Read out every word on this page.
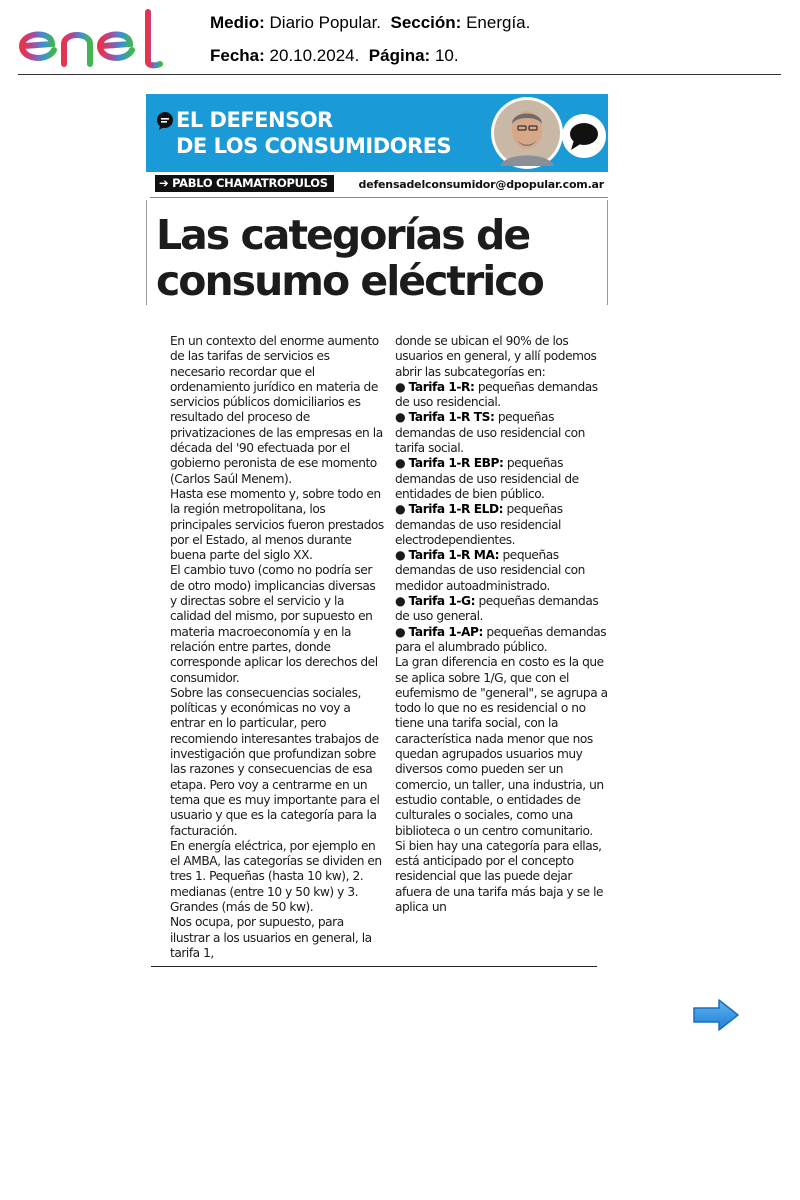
Medio: Diario Popular. Sección: Energía.
Fecha: 20.10.2024. Página: 10.
EL DEFENSOR
DE LOS CONSUMIDORES
➔ PABLO CHAMATROPULOS	defensadelconsumidor@dpopular.com.ar
Las categorías de
consumo eléctrico

En un contexto del enorme aumento de las tarifas de servicios es necesario recordar que el ordenamiento jurídico en materia de servicios públicos domiciliarios es resultado del proceso de privatizaciones de las empresas en la década del '90 efectuada por el gobierno peronista de ese momento (Carlos Saúl Menem).

Hasta ese momento y, sobre todo en la región metropolitana, los principales servicios fueron prestados por el Estado, al menos durante buena parte del siglo XX.

El cambio tuvo (como no podría ser de otro modo) implicancias diversas y directas sobre el servicio y la calidad del mismo, por supuesto en materia macroeconomía y en la relación entre partes, donde corresponde aplicar los derechos del consumidor.

Sobre las consecuencias sociales, políticas y económicas no voy a entrar en lo particular, pero recomiendo interesantes trabajos de investigación que profundizan sobre las razones y consecuencias de esa etapa. Pero voy a centrarme en un tema que es muy importante para el usuario y que es la categoría para la facturación.

En energía eléctrica, por ejemplo en el AMBA, las categorías se dividen en tres 1. Pequeñas (hasta 10 kw), 2. medianas (entre 10 y 50 kw) y 3. Grandes (más de 50 kw).

Nos ocupa, por supuesto, para ilustrar a los usuarios en general, la tarifa 1,

donde se ubican el 90% de los usuarios en general, y allí podemos abrir las subcategorías en:

● Tarifa 1-R: pequeñas demandas de uso residencial.

● Tarifa 1-R TS: pequeñas demandas de uso residencial con tarifa social.

● Tarifa 1-R EBP: pequeñas demandas de uso residencial de entidades de bien público.

● Tarifa 1-R ELD: pequeñas demandas de uso residencial electrodependientes.

● Tarifa 1-R MA: pequeñas demandas de uso residencial con medidor autoadministrado.

● Tarifa 1-G: pequeñas demandas de uso general.

● Tarifa 1-AP: pequeñas demandas para el alumbrado público.

La gran diferencia en costo es la que se aplica sobre 1/G, que con el eufemismo de "general", se agrupa a todo lo que no es residencial o no tiene una tarifa social, con la característica nada menor que nos quedan agrupados usuarios muy diversos como pueden ser un comercio, un taller, una industria, un estudio contable, o entidades de culturales o sociales, como una biblioteca o un centro comunitario.

Si bien hay una categoría para ellas, está anticipado por el concepto residencial que las puede dejar afuera de una tarifa más baja y se le aplica un
